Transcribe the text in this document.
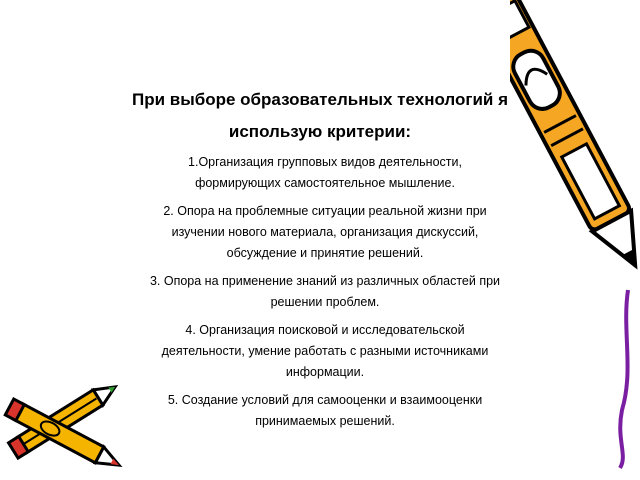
При выборе образовательных технологий я
использую критерии:
1.Организация групповых видов деятельности,
формирующих самостоятельное мышление.
2. Опора на проблемные ситуации реальной жизни при
изучении нового материала, организация дискуссий,
обсуждение и принятие решений.
3. Опора на применение знаний из различных областей при
решении проблем.
4. Организация поисковой и исследовательской
деятельности, умение работать с разными источниками
информации.
5. Создание условий для самооценки и взаимооценки
принимаемых решений.
